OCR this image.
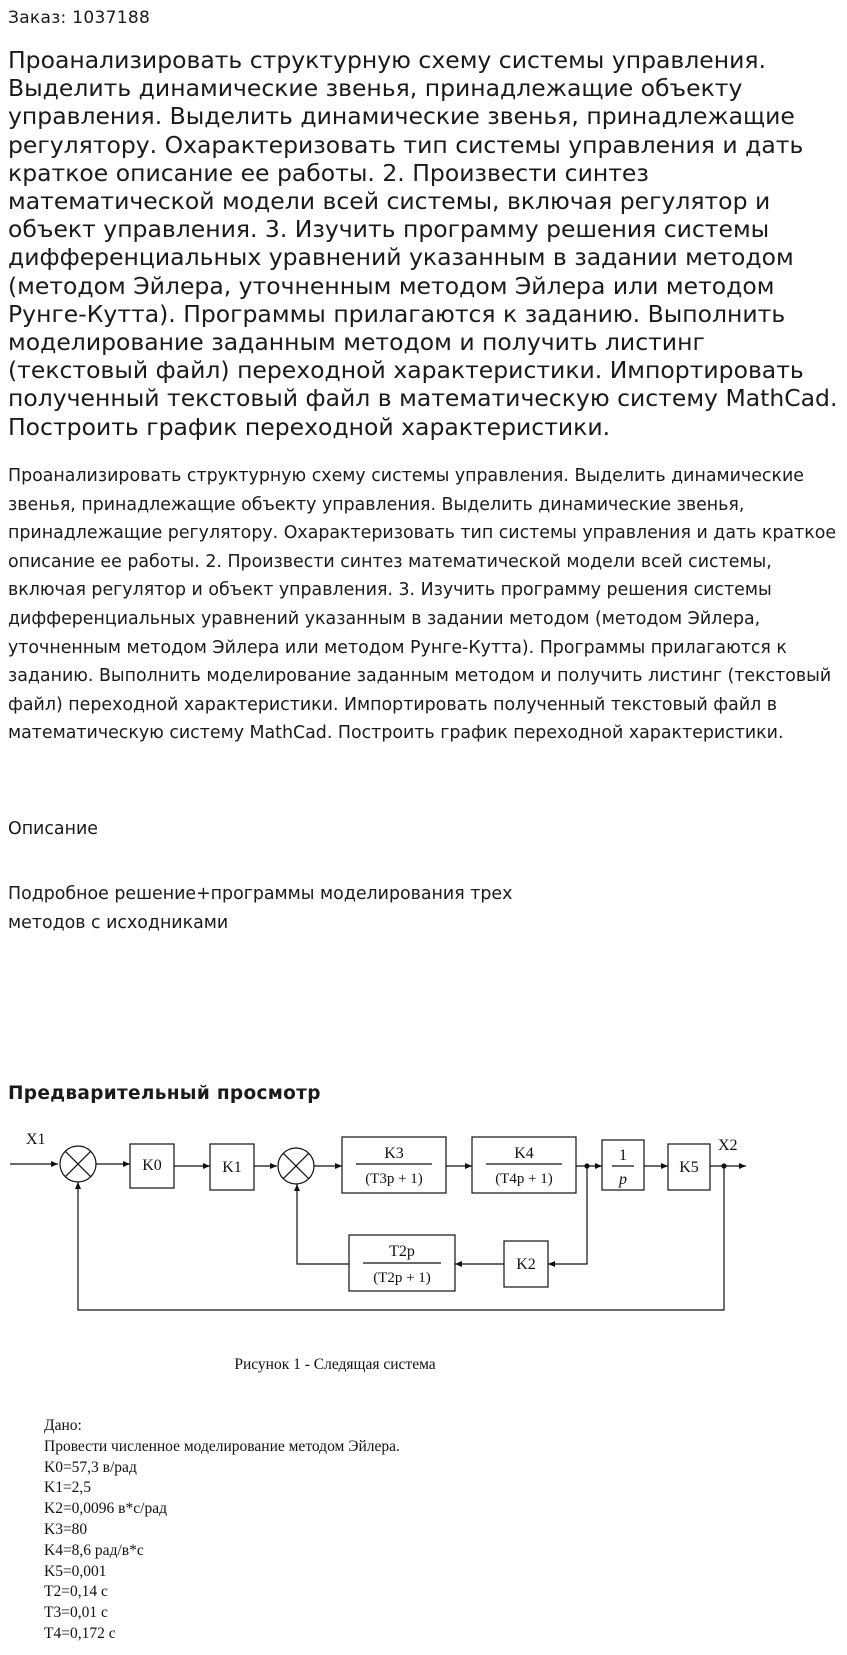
Заказ: 1037188

Проанализировать структурную схему системы управления. Выделить динамические звенья, принадлежащие объекту управления. Выделить динамические звенья, принадлежащие регулятору. Охарактеризовать тип системы управления и дать краткое описание ее работы. 2. Произвести синтез математической модели всей системы, включая регулятор и объект управления. 3. Изучить программу решения системы дифференциальных уравнений указанным в задании методом (методом Эйлера, уточненным методом Эйлера или методом Рунге-Кутта). Программы прилагаются к заданию. Выполнить моделирование заданным методом и получить листинг (текстовый файл) переходной характеристики. Импортировать полученный текстовый файл в математическую систему MathCad. Построить график переходной характеристики.

Проанализировать структурную схему системы управления. Выделить динамические звенья, принадлежащие объекту управления. Выделить динамические звенья, принадлежащие регулятору. Охарактеризовать тип системы управления и дать краткое описание ее работы. 2. Произвести синтез математической модели всей системы, включая регулятор и объект управления. 3. Изучить программу решения системы дифференциальных уравнений указанным в задании методом (методом Эйлера, уточненным методом Эйлера или методом Рунге-Кутта). Программы прилагаются к заданию. Выполнить моделирование заданным методом и получить листинг (текстовый файл) переходной характеристики. Импортировать полученный текстовый файл в математическую систему MathCad. Построить график переходной характеристики.

Описание

Подробное решение+программы моделирования трех методов с исходниками

Предварительный просмотр
X1
K0	K1
K3
(T3p + 1)
K4
(T4p + 1)
1
p
K5
X2
K2
T2p
(T2p + 1)
Рисунок 1 - Следящая система
Дано:
Провести численное моделирование методом Эйлера.
K0=57,3 в/рад
K1=2,5
K2=0,0096 в*с/рад
K3=80
K4=8,6 рад/в*с
K5=0,001
T2=0,14 с
T3=0,01 с
T4=0,172 с
